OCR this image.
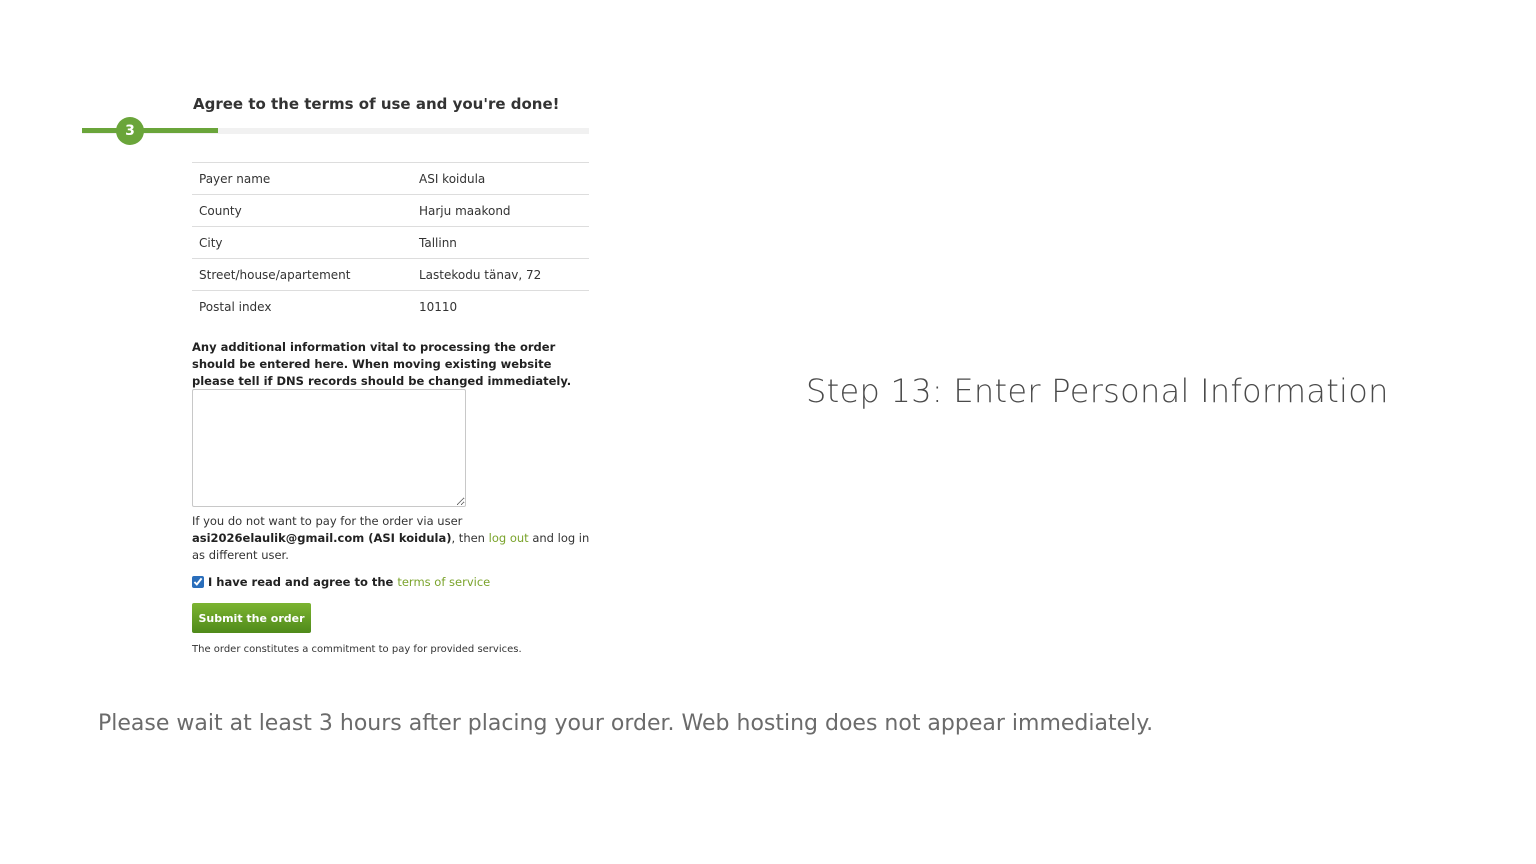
3
Agree to the terms of use and you're done!
Payer name	ASI koidula
County	Harju maakond
City	Tallinn
Street/house/apartement	Lastekodu tänav, 72
Postal index	10110
Any additional information vital to processing the order should be entered here. When moving existing website please tell if DNS records should be changed immediately.
If you do not want to pay for the order via user asi2026elaulik@gmail.com (ASI koidula), then log out and log in as different user.
I have read and agree to the terms of service
Submit the order
The order constitutes a commitment to pay for provided services.
Step 13: Enter Personal Information
Please wait at least 3 hours after placing your order. Web hosting does not appear immediately.
